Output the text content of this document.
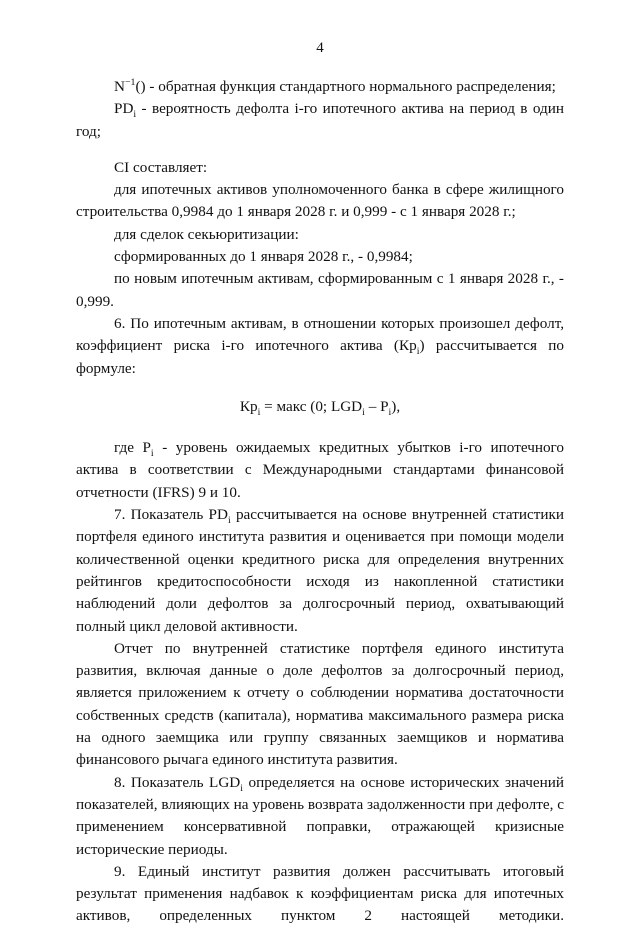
4

$N^{-1}()$ - обратная функция стандартного нормального распределения;

$PD_i$ - вероятность дефолта i-го ипотечного актива на период в один год;

CI составляет:

для ипотечных активов уполномоченного банка в сфере жилищного строительства 0,9984 до 1 января 2028 г. и 0,999 - с 1 января 2028 г.;

для сделок секьюритизации:

сформированных до 1 января 2028 г., - 0,9984;

по новым ипотечным активам, сформированным с 1 января 2028 г., - 0,999.

6. По ипотечным активам, в отношении которых произошел дефолт, коэффициент риска i-го ипотечного актива $(Кр_i)$ рассчитывается по формуле:

$Кр_i$ = макс (0; $LGD_i - P_i$),

где $P_i$ - уровень ожидаемых кредитных убытков i-го ипотечного актива в соответствии с Международными стандартами финансовой отчетности (IFRS) 9 и 10.

7. Показатель $PD_i$ рассчитывается на основе внутренней статистики портфеля единого института развития и оценивается при помощи модели количественной оценки кредитного риска для определения внутренних рейтингов кредитоспособности исходя из накопленной статистики наблюдений доли дефолтов за долгосрочный период, охватывающий полный цикл деловой активности.

Отчет по внутренней статистике портфеля единого института развития, включая данные о доле дефолтов за долгосрочный период, является приложением к отчету о соблюдении норматива достаточности собственных средств (капитала), норматива максимального размера риска на одного заемщика или группу связанных заемщиков и норматива финансового рычага единого института развития.

8. Показатель $LGD_i$ определяется на основе исторических значений показателей, влияющих на уровень возврата задолженности при дефолте, с применением консервативной поправки, отражающей кризисные исторические периоды.

9. Единый институт развития должен рассчитывать итоговый результат применения надбавок к коэффициентам риска для ипотечных активов, определенных пунктом 2 настоящей методики.
